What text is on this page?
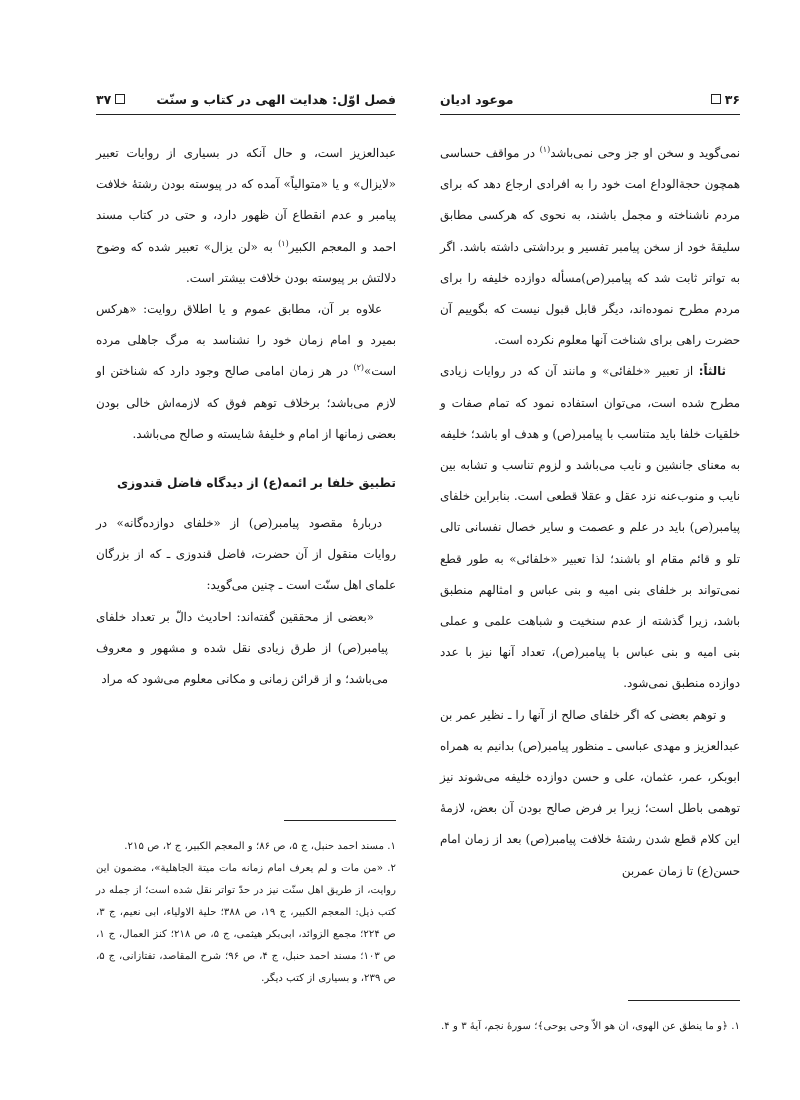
۳۶
موعود ادیان

نمی‌گوید و سخن او جز وحی نمی‌باشد$^{(۱)}$ در مواقف حساسی همچون حجةالوداع امت خود را به افرادی ارجاع دهد که برای مردم ناشناخته و مجمل باشند، به نحوی که هرکسی مطابق سلیقهٔ خود از سخن پیامبر تفسیر و برداشتی داشته باشد. اگر به تواتر ثابت شد که پیامبر(ص)مسأله دوازده خلیفه را برای مردم مطرح نموده‌اند، دیگر قابل قبول نیست که بگوییم آن حضرت راهی برای شناخت آنها معلوم نکرده است.

ثالثاً: از تعبیر «خلفائی» و مانند آن که در روایات زیادی مطرح شده است، می‌توان استفاده نمود که تمام صفات و خلقیات خلفا باید متناسب با پیامبر(ص) و هدف او باشد؛ خلیفه به معنای جانشین و نایب می‌باشد و لزوم تناسب و تشابه بین نایب و منوب‌عنه نزد عقل و عقلا قطعی است. بنابراین خلفای پیامبر(ص) باید در علم و عصمت و سایر خصال نفسانی تالی تلو و قائم مقام او باشند؛ لذا تعبیر «خلفائی» به طور قطع نمی‌تواند بر خلفای بنی امیه و بنی عباس و امثالهم منطبق باشد، زیرا گذشته از عدم سنخیت و شباهت علمی و عملی بنی امیه و بنی عباس با پیامبر(ص)، تعداد آنها نیز با عدد دوازده منطبق نمی‌شود.

و توهم بعضی که اگر خلفای صالح از آنها را ـ نظیر عمر بن عبدالعزیز و مهدی عباسی ـ منظور پیامبر(ص) بدانیم به همراه ابوبکر، عمر، عثمان، علی و حسن دوازده خلیفه می‌شوند نیز توهمی باطل است؛ زیرا بر فرض صالح بودن آن بعض، لازمهٔ این کلام قطع شدن رشتهٔ خلافت پیامبر(ص) بعد از زمان امام حسن(ع) تا زمان عمربن

۱. ﴿و ما ینطق عن الهوی، ان هو الاّ وحی یوحی﴾؛ سورهٔ نجم، آیهٔ ۳ و ۴.

فصل اوّل: هدایت الهی در کتاب و سنّت
۳۷

عبدالعزیز است، و حال آنکه در بسیاری از روایات تعبیر «لایزال» و یا «متوالیاً» آمده که در پیوسته بودن رشتهٔ خلافت پیامبر و عدم انقطاع آن ظهور دارد، و حتی در کتاب مسند احمد و المعجم الکبیر$^{(۱)}$ به «لن یزال» تعبیر شده که وضوح دلالتش بر پیوسته بودن خلافت بیشتر است.

علاوه بر آن، مطابق عموم و یا اطلاق روایت: «هرکس بمیرد و امام زمان خود را نشناسد به مرگ جاهلی مرده است»$^{(۲)}$ در هر زمان امامی صالح وجود دارد که شناختن او لازم می‌باشد؛ برخلاف توهم فوق که لازمه‌اش خالی بودن بعضی زمانها از امام و خلیفهٔ شایسته و صالح می‌باشد.

تطبیق خلفا بر ائمه(ع) از دیدگاه فاضل قندوزی

دربارهٔ مقصود پیامبر(ص) از «خلفای دوازده‌گانه» در روایات منقول از آن حضرت، فاضل قندوزی ـ که از بزرگان علمای اهل سنّت است ـ چنین می‌گوید:

«بعضی از محققین گفته‌اند: احادیث دالّ بر تعداد خلفای پیامبر(ص) از طرق زیادی نقل شده و مشهور و معروف می‌باشد؛ و از قرائن زمانی و مکانی معلوم می‌شود که مراد

۱. مسند احمد حنبل، ج ۵، ص ۸۶؛ و المعجم الکبیر، ج ۲، ص ۲۱۵.

۲. «من مات و لم یعرف امام زمانه مات میتة الجاهلیة»، مضمون این روایت، از طریق اهل سنّت نیز در حدّ تواتر نقل شده است؛ از جمله در کتب ذیل: المعجم الکبیر، ج ۱۹، ص ۳۸۸؛ حلیة الاولیاء، ابی نعیم، ج ۳، ص ۲۲۴؛ مجمع الزوائد، ابی‌بکر هیثمی، ج ۵، ص ۲۱۸؛ کنز العمال، ج ۱، ص ۱۰۳؛ مسند احمد حنبل، ج ۴، ص ۹۶؛ شرح المقاصد، تفتازانی، ج ۵، ص ۲۳۹، و بسیاری از کتب دیگر.
